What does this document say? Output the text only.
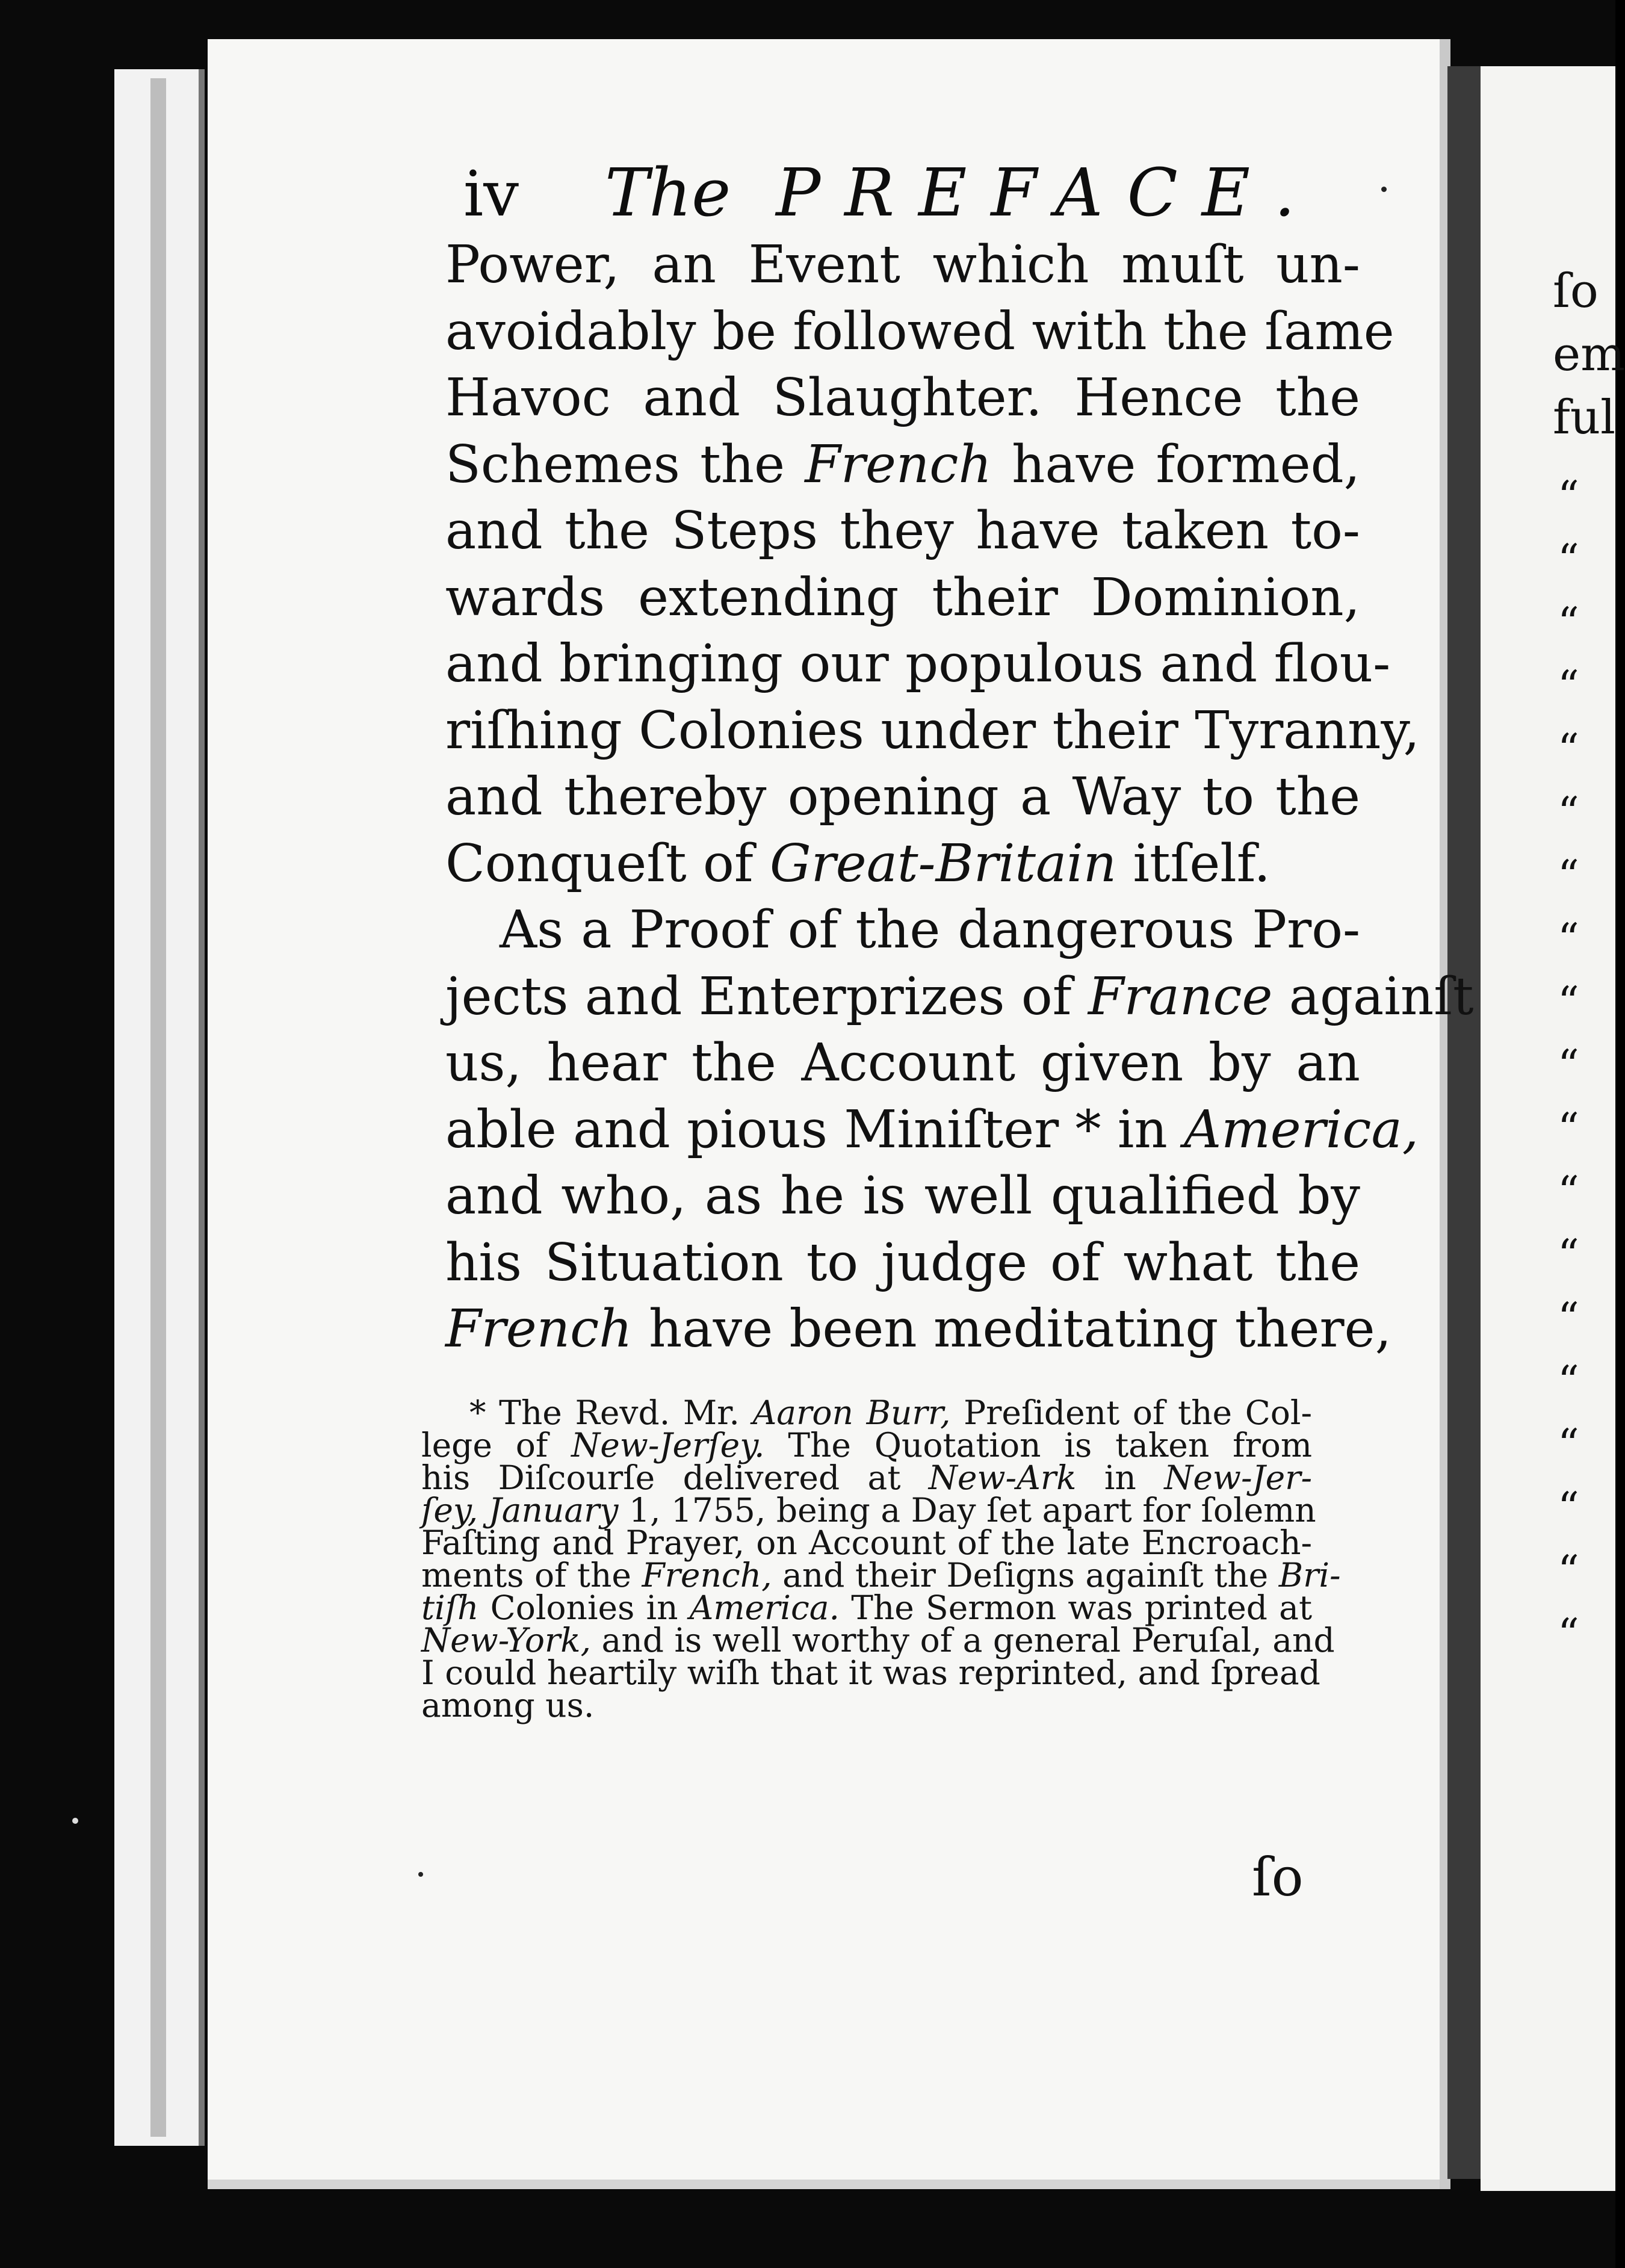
ſo
em
ful
“
“
“
“
“
“
“
“
“
“
“
“
“
“
“
“
“
“
“
iv The PREFACE.
Power, an Event which muſt un-
avoidably be followed with the ſame
Havoc and Slaughter. Hence the
Schemes the French have formed,
and the Steps they have taken to-
wards extending their Dominion,
and bringing our populous and flou-
riſhing Colonies under their Tyranny,
and thereby opening a Way to the
Conqueſt of Great-Britain itſelf.
As a Proof of the dangerous Pro-
jects and Enterprizes of France againſt
us, hear the Account given by an
able and pious Miniſter * in America,
and who, as he is well qualified by
his Situation to judge of what the
French have been meditating there,
* The Revd. Mr. Aaron Burr, Preſident of the Col-
lege of New-Jerſey. The Quotation is taken from
his Diſcourſe delivered at New-Ark in New-Jer-
ſey, January 1, 1755, being a Day ſet apart for ſolemn
Faſting and Prayer, on Account of the late Encroach-
ments of the French, and their Deſigns againſt the Bri-
tiſh Colonies in America. The Sermon was printed at
New-York, and is well worthy of a general Peruſal, and
I could heartily wiſh that it was reprinted, and ſpread
among us.
ſo
